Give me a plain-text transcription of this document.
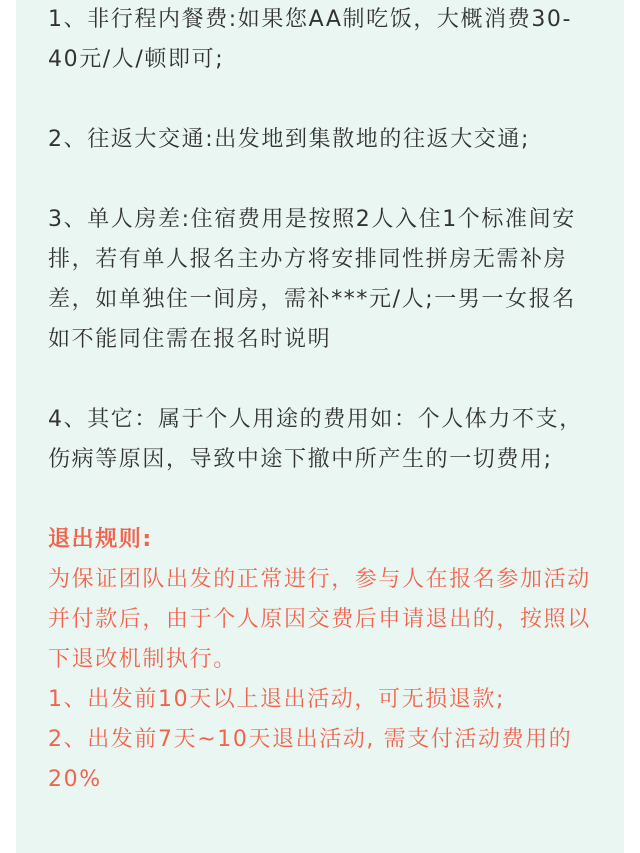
1、非行程内餐费:如果您AA制吃饭，大概消费30-40元/人/顿即可;

2、往返大交通:出发地到集散地的往返大交通;

3、单人房差:住宿费用是按照2人入住1个标准间安排，若有单人报名主办方将安排同性拼房无需补房差，如单独住一间房，需补***元/人;一男一女报名如不能同住需在报名时说明

4、其它：属于个人用途的费用如：个人体力不支，伤病等原因，导致中途下撤中所产生的一切费用;

退出规则:

为保证团队出发的正常进行，参与人在报名参加活动并付款后，由于个人原因交费后申请退出的，按照以下退改机制执行。

1、出发前10天以上退出活动，可无损退款;

2、出发前7天~10天退出活动, 需支付活动费用的20%
